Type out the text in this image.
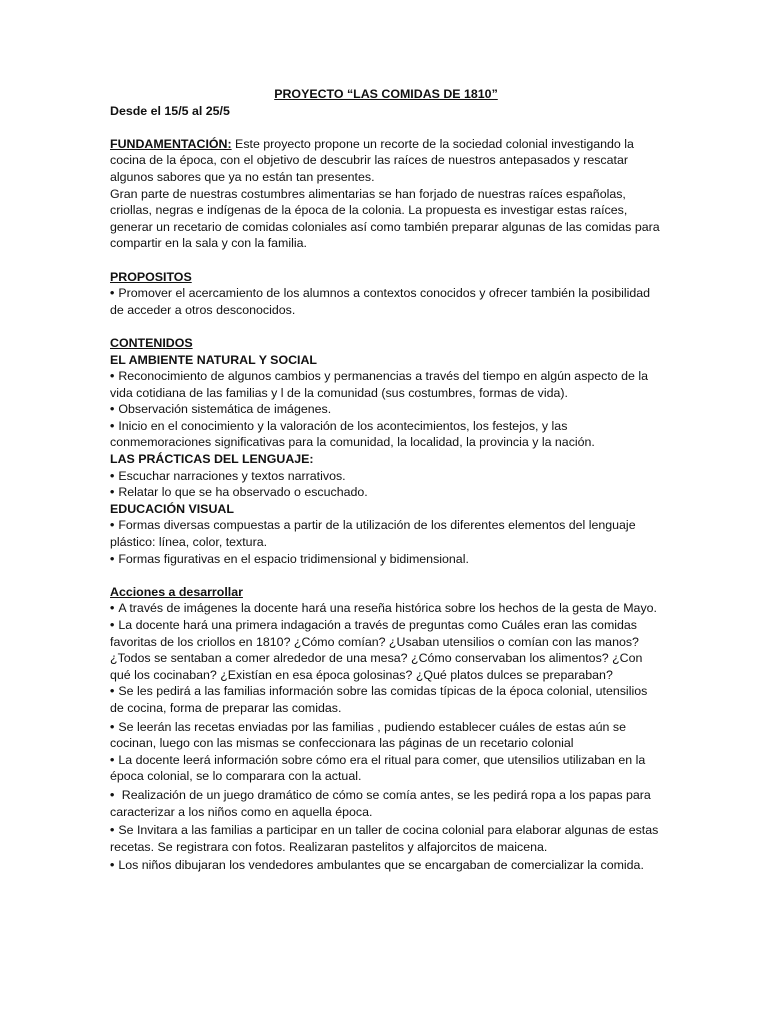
PROYECTO “LAS COMIDAS DE 1810”

Desde el 15/5 al 25/5

FUNDAMENTACIÓN: Este proyecto propone un recorte de la sociedad colonial investigando la cocina de la época, con el objetivo de descubrir las raíces de nuestros antepasados y rescatar algunos sabores que ya no están tan presentes.

Gran parte de nuestras costumbres alimentarias se han forjado de nuestras raíces españolas, criollas, negras e indígenas de la época de la colonia. La propuesta es investigar estas raíces, generar un recetario de comidas coloniales así como también preparar algunas de las comidas para compartir en la sala y con la familia.

PROPOSITOS

• Promover el acercamiento de los alumnos a contextos conocidos y ofrecer también la posibilidad de acceder a otros desconocidos.

CONTENIDOS

EL AMBIENTE NATURAL Y SOCIAL

• Reconocimiento de algunos cambios y permanencias a través del tiempo en algún aspecto de la vida cotidiana de las familias y l de la comunidad (sus costumbres, formas de vida).

• Observación sistemática de imágenes.

• Inicio en el conocimiento y la valoración de los acontecimientos, los festejos, y las conmemoraciones significativas para la comunidad, la localidad, la provincia y la nación.

LAS PRÁCTICAS DEL LENGUAJE:

• Escuchar narraciones y textos narrativos.

• Relatar lo que se ha observado o escuchado.

EDUCACIÓN VISUAL

• Formas diversas compuestas a partir de la utilización de los diferentes elementos del lenguaje plástico: línea, color, textura.

• Formas figurativas en el espacio tridimensional y bidimensional.

Acciones a desarrollar

• A través de imágenes la docente hará una reseña histórica sobre los hechos de la gesta de Mayo.

• La docente hará una primera indagación a través de preguntas como Cuáles eran las comidas favoritas de los criollos en 1810? ¿Cómo comían? ¿Usaban utensilios o comían con las manos? ¿Todos se sentaban a comer alrededor de una mesa? ¿Cómo conservaban los alimentos? ¿Con qué los cocinaban? ¿Existían en esa época golosinas? ¿Qué platos dulces se preparaban?

• Se les pedirá a las familias información sobre las comidas típicas de la época colonial, utensilios de cocina, forma de preparar las comidas.

• Se leerán las recetas enviadas por las familias , pudiendo establecer cuáles de estas aún se cocinan, luego con las mismas se confeccionara las páginas de un recetario colonial

• La docente leerá información sobre cómo era el ritual para comer, que utensilios utilizaban en la época colonial, se lo comparara con la actual.

• Realización de un juego dramático de cómo se comía antes, se les pedirá ropa a los papas para caracterizar a los niños como en aquella época.

• Se Invitara a las familias a participar en un taller de cocina colonial para elaborar algunas de estas recetas. Se registrara con fotos. Realizaran pastelitos y alfajorcitos de maicena.

• Los niños dibujaran los vendedores ambulantes que se encargaban de comercializar la comida.
